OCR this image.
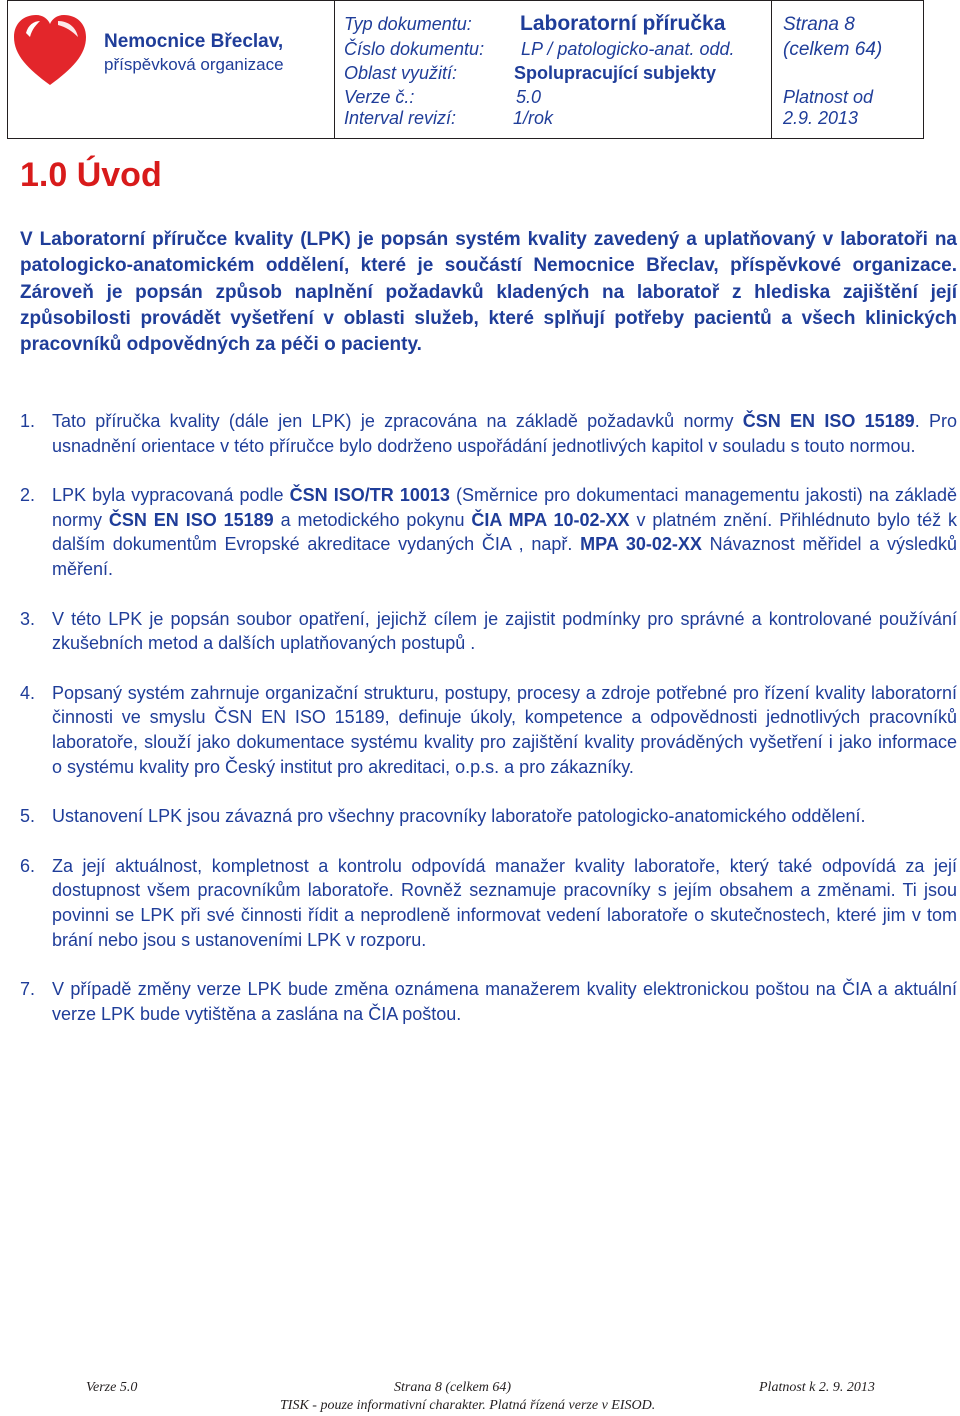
Nemocnice Břeclav,
příspěvková organizace
Typ dokumentu: Laboratorní příručka
Číslo dokumentu: LP / patologicko-anat. odd.
Oblast využití:	Spolupracující subjekty
Verze č.:	5.0
Interval revizí:	1/rok
Strana 8
(celkem 64)
Platnost od
2.9. 2013
1.0 Úvod
V Laboratorní příručce kvality (LPK) je popsán systém kvality zavedený a uplatňovaný v laboratoři na patologicko-anatomickém oddělení, které je součástí Nemocnice Břeclav, příspěvkové organizace. Zároveň je popsán způsob naplnění požadavků kladených na laboratoř z hlediska zajištění její způsobilosti provádět vyšetření v oblasti služeb, které splňují potřeby pacientů a všech klinických pracovníků odpovědných za péči o pacienty.
1. Tato příručka kvality (dále jen LPK) je zpracována na základě požadavků normy ČSN EN ISO 15189. Pro usnadnění orientace v této příručce bylo dodrženo uspořádání jednotlivých kapitol v souladu s touto normou.
2. LPK byla vypracovaná podle ČSN ISO/TR 10013 (Směrnice pro dokumentaci managementu jakosti) na základě normy ČSN EN ISO 15189 a metodického pokynu ČIA MPA 10-02-XX v platném znění. Přihlédnuto bylo též k dalším dokumentům Evropské akreditace vydaných ČIA , např. MPA 30-02-XX Návaznost měřidel a výsledků měření.
3. V této LPK je popsán soubor opatření, jejichž cílem je zajistit podmínky pro správné a kontrolované používání zkušebních metod a dalších uplatňovaných postupů .
4. Popsaný systém zahrnuje organizační strukturu, postupy, procesy a zdroje potřebné pro řízení kvality laboratorní činnosti ve smyslu ČSN EN ISO 15189, definuje úkoly, kompetence a odpovědnosti jednotlivých pracovníků laboratoře, slouží jako dokumentace systému kvality pro zajištění kvality prováděných vyšetření i jako informace o systému kvality pro Český institut pro akreditaci, o.p.s. a pro zákazníky.
5. Ustanovení LPK jsou závazná pro všechny pracovníky laboratoře patologicko-anatomického oddělení.
6. Za její aktuálnost, kompletnost a kontrolu odpovídá manažer kvality laboratoře, který také odpovídá za její dostupnost všem pracovníkům laboratoře. Rovněž seznamuje pracovníky s jejím obsahem a změnami. Ti jsou povinni se LPK při své činnosti řídit a neprodleně informovat vedení laboratoře o skutečnostech, které jim v tom brání nebo jsou s ustanoveními LPK v rozporu.
7. V případě změny verze LPK bude změna oznámena manažerem kvality elektronickou poštou na ČIA a aktuální verze LPK bude vytištěna a zaslána na ČIA poštou.
Verze 5.0	Strana 8 (celkem 64)	Platnost k 2. 9. 2013
TISK - pouze informativní charakter. Platná řízená verze v EISOD.
